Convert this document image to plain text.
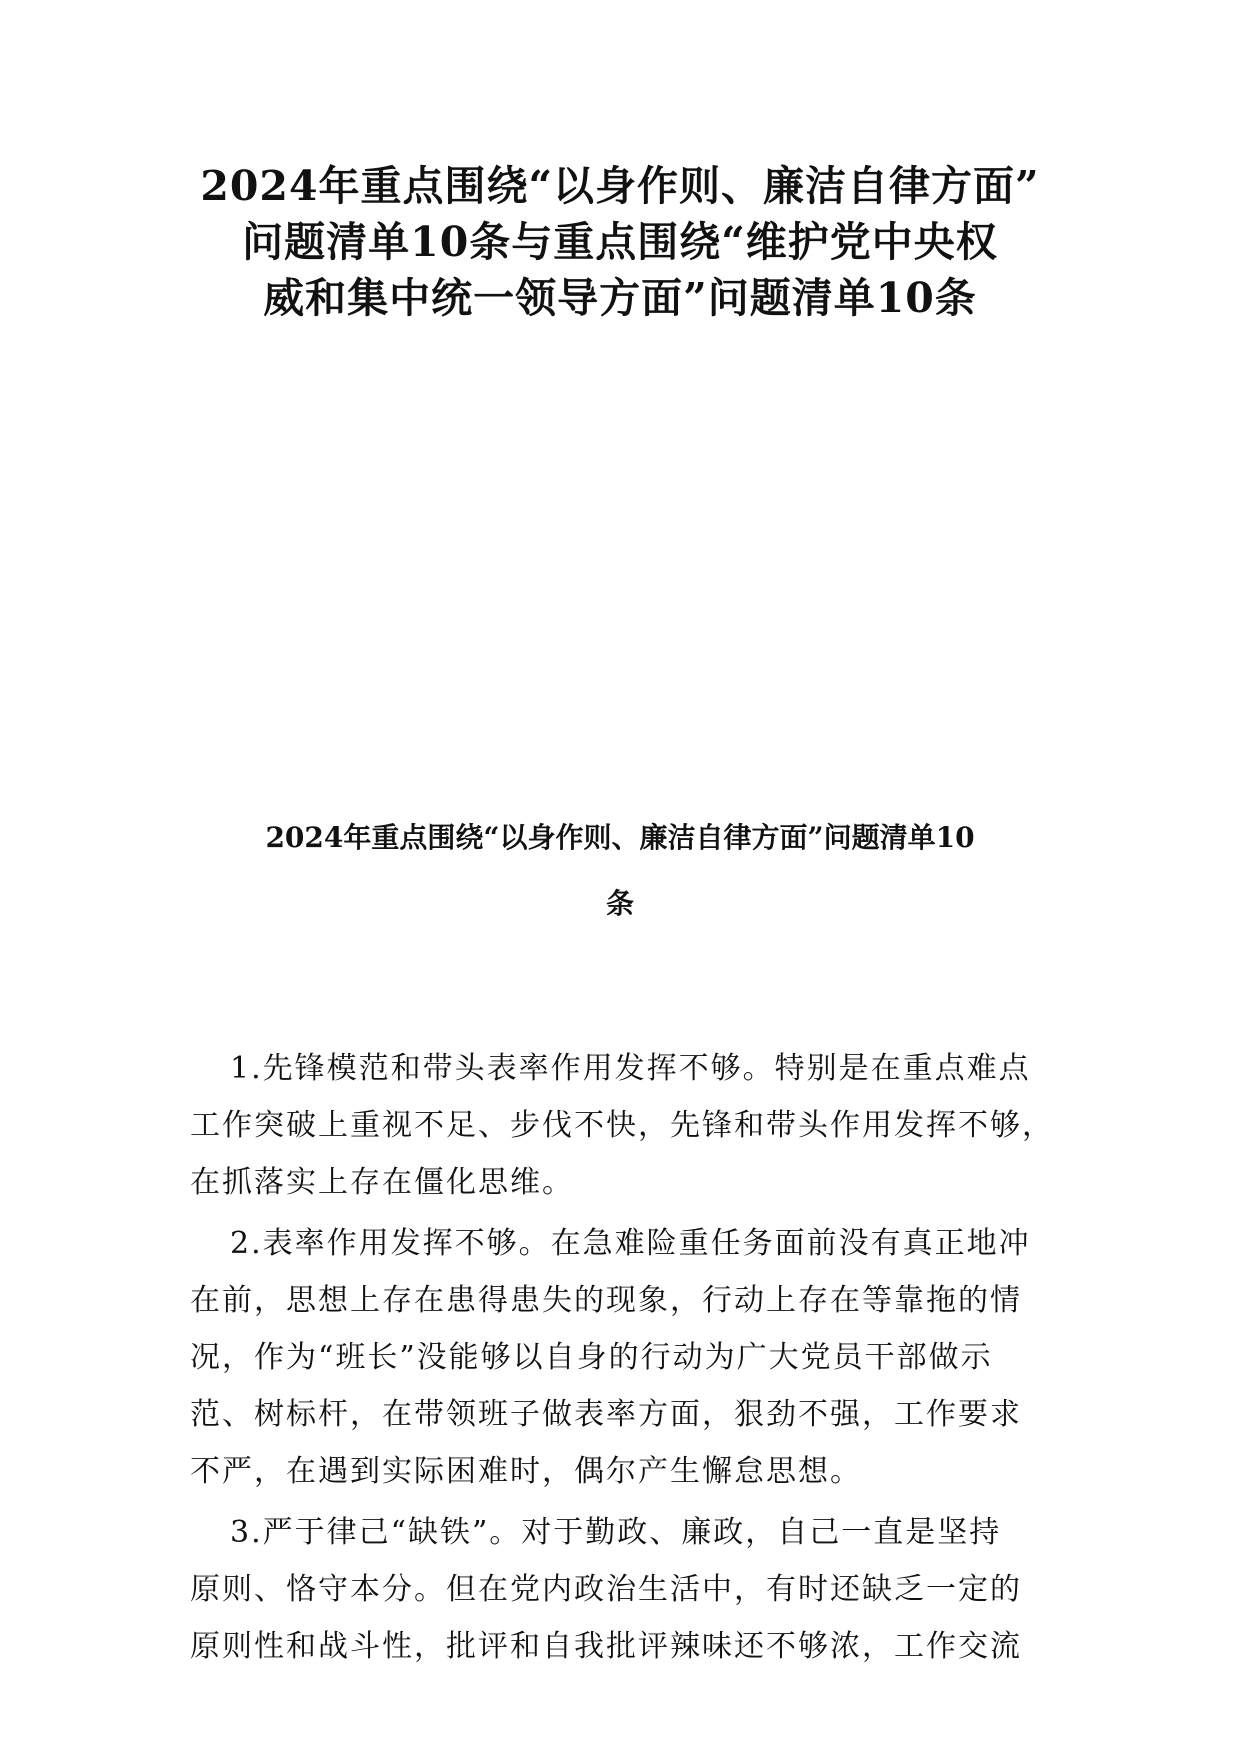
2024年重点围绕“以身作则、廉洁自律方面”
问题清单10条与重点围绕“维护党中央权
威和集中统一领导方面”问题清单10条
2024年重点围绕“以身作则、廉洁自律方面”问题清单10
条

1.先锋模范和带头表率作用发挥不够。特别是在重点难点
工作突破上重视不足、步伐不快，先锋和带头作用发挥不够，
在抓落实上存在僵化思维。

2.表率作用发挥不够。在急难险重任务面前没有真正地冲
在前，思想上存在患得患失的现象，行动上存在等靠拖的情
况，作为“班长”没能够以自身的行动为广大党员干部做示
范、树标杆，在带领班子做表率方面，狠劲不强，工作要求
不严，在遇到实际困难时，偶尔产生懈怠思想。

3.严于律己“缺铁”。对于勤政、廉政，自己一直是坚持
原则、恪守本分。但在党内政治生活中，有时还缺乏一定的
原则性和战斗性，批评和自我批评辣味还不够浓，工作交流
